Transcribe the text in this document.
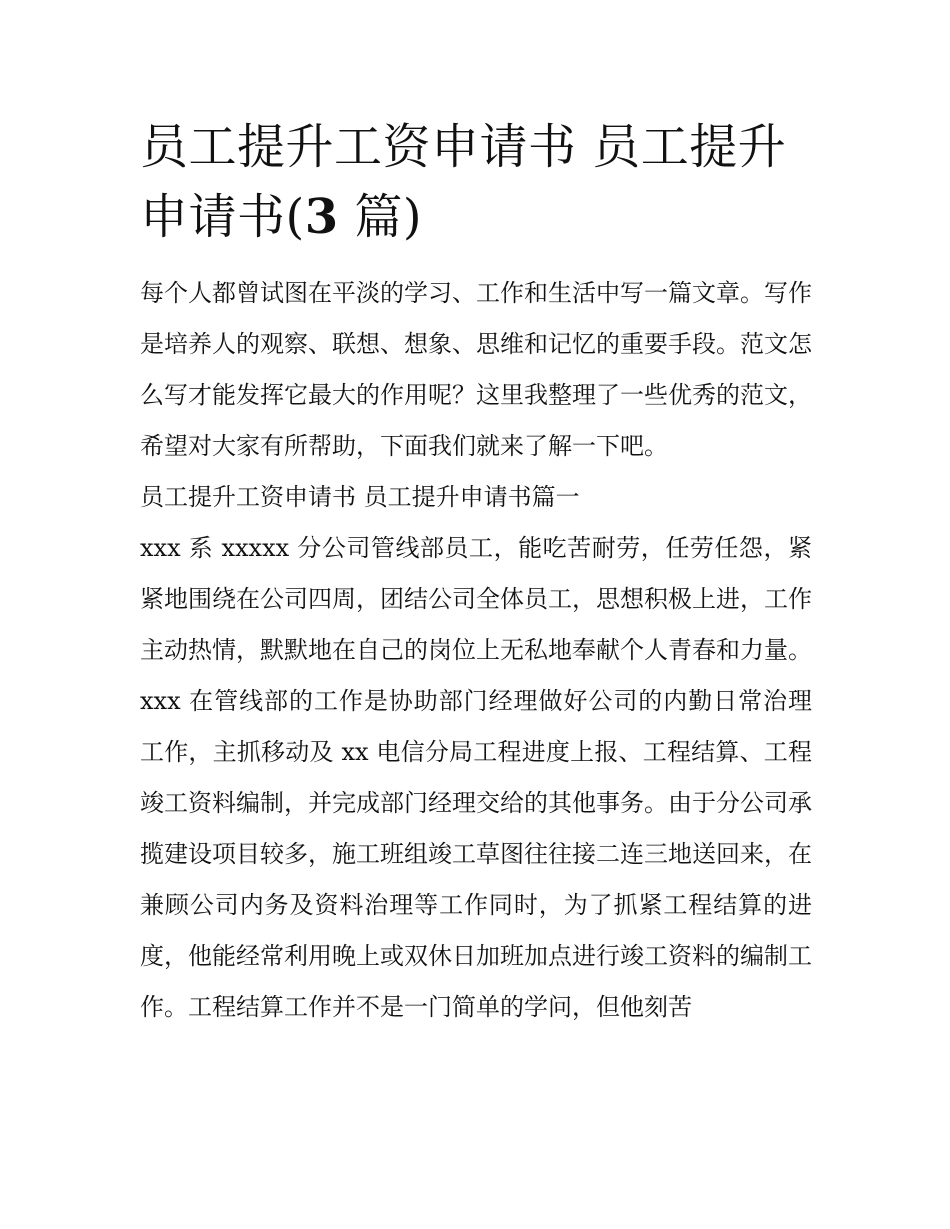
员工提升工资申请书 员工提升申请书(3 篇)

每个人都曾试图在平淡的学习、工作和生活中写一篇文章。写作是培养人的观察、联想、想象、思维和记忆的重要手段。范文怎么写才能发挥它最大的作用呢？这里我整理了一些优秀的范文，希望对大家有所帮助，下面我们就来了解一下吧。

员工提升工资申请书 员工提升申请书篇一

xxx 系 xxxxx 分公司管线部员工，能吃苦耐劳，任劳任怨，紧紧地围绕在公司四周，团结公司全体员工，思想积极上进，工作主动热情，默默地在自己的岗位上无私地奉献个人青春和力量。

xxx 在管线部的工作是协助部门经理做好公司的内勤日常治理工作，主抓移动及 xx 电信分局工程进度上报、工程结算、工程竣工资料编制，并完成部门经理交给的其他事务。由于分公司承揽建设项目较多，施工班组竣工草图往往接二连三地送回来，在兼顾公司内务及资料治理等工作同时，为了抓紧工程结算的进度，他能经常利用晚上或双休日加班加点进行竣工资料的编制工作。工程结算工作并不是一门简单的学问，但他刻苦
